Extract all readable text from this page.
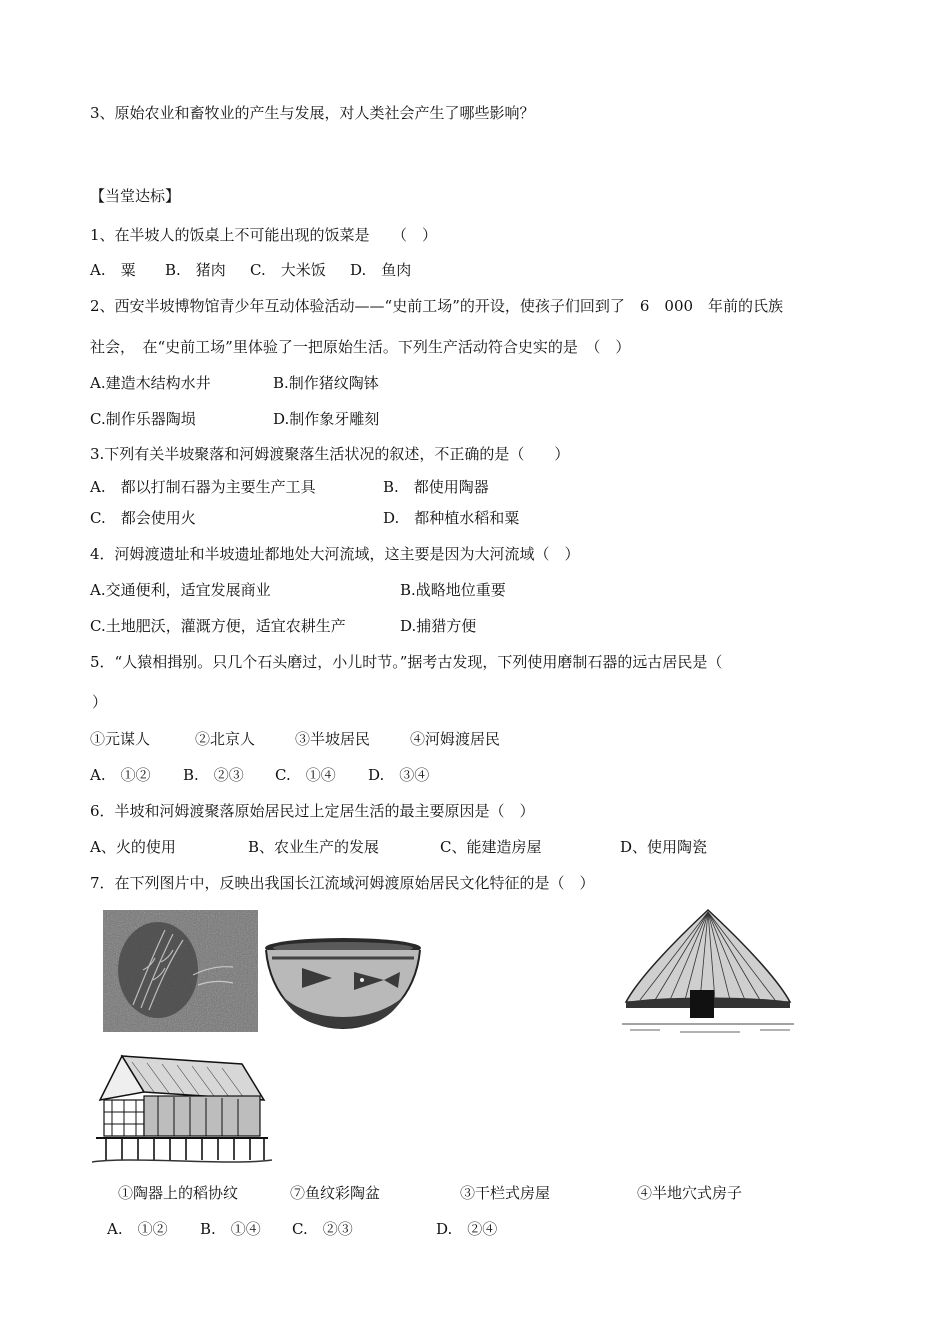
3、原始农业和畜牧业的产生与发展，对人类社会产生了哪些影响？
【当堂达标】
1、在半坡人的饭桌上不可能出现的饭菜是　　（　）
A.　粟 B.　猪肉 C.　大米饭 D.　鱼肉
2、西安半坡博物馆青少年互动体验活动——“史前工场”的开设，使孩子们回到了　6　000　年前的氏族
社会，　在“史前工场”里体验了一把原始生活。下列生产活动符合史实的是　（　）
A.建造木结构水井	B.制作猪纹陶钵
C.制作乐器陶埙	D.制作象牙雕刻
3.下列有关半坡聚落和河姆渡聚落生活状况的叙述，不正确的是（　　）
A.　都以打制石器为主要生产工具	B.　都使用陶器
C.　都会使用火	D.　都种植水稻和粟
4．河姆渡遗址和半坡遗址都地处大河流域，这主要是因为大河流域（　）
A.交通便利，适宜发展商业	B.战略地位重要
C.土地肥沃，灌溉方便，适宜农耕生产	D.捕猎方便
5．“人猿相揖别。只几个石头磨过，小儿时节。”据考古发现，下列使用磨制石器的远古居民是（
）
①元谋人	②北京人	③半坡居民	④河姆渡居民
A.　①② B.　②③ C.　①④ D.　③④
6．半坡和河姆渡聚落原始居民过上定居生活的最主要原因是（　）
A、火的使用	B、农业生产的发展	C、能建造房屋	D、使用陶瓷
7．在下列图片中，反映出我国长江流域河姆渡原始居民文化特征的是（　）
①陶器上的稻协纹	⑦鱼纹彩陶盆	③干栏式房屋	④半地穴式房子
A.　①② B.　①④ C.　②③	D.　②④
